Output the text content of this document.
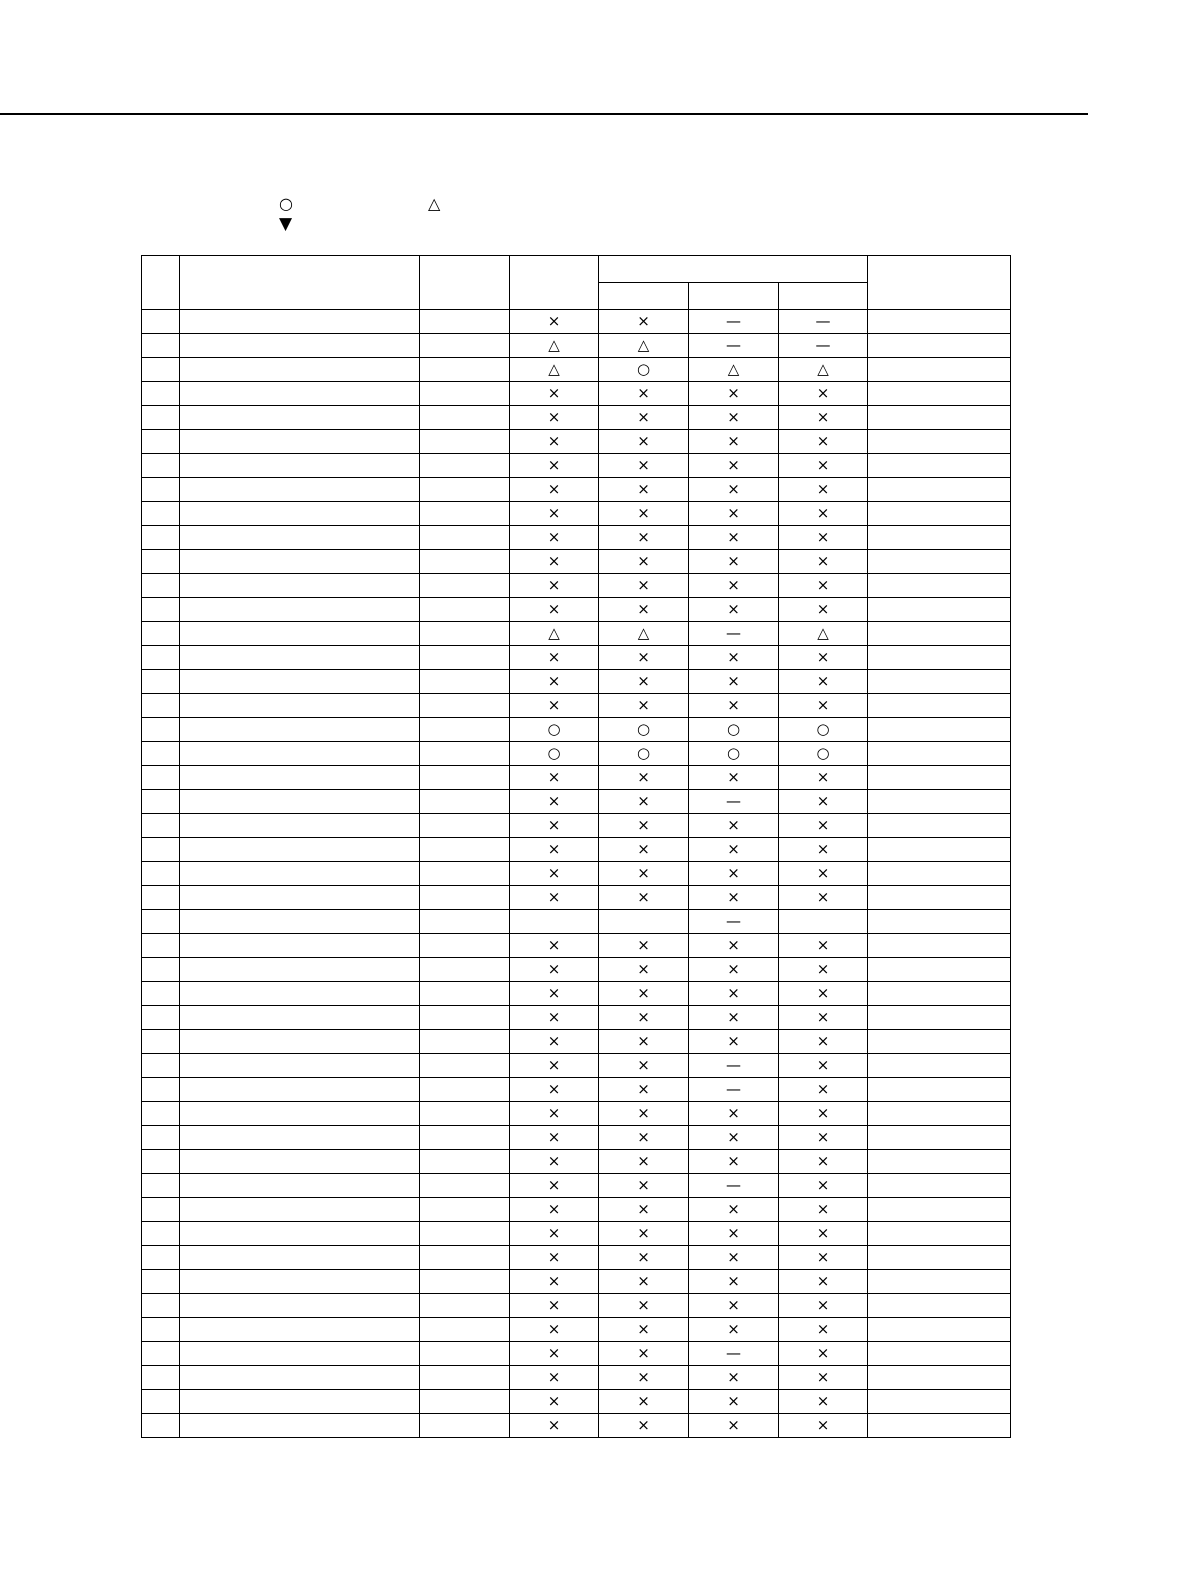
○	△
▼

			×	×	—	—	
			△	△	—	—	
			△	○	△	△	
			×	×	×	×	
			×	×	×	×	
			×	×	×	×	
			×	×	×	×	
			×	×	×	×	
			×	×	×	×	
			×	×	×	×	
			×	×	×	×	
			×	×	×	×	
			×	×	×	×	
			△	△	—	△	
			×	×	×	×	
			×	×	×	×	
			×	×	×	×	
			○	○	○	○	
			○	○	○	○	
			×	×	×	×	
			×	×	—	×	
			×	×	×	×	
			×	×	×	×	
			×	×	×	×	
			×	×	×	×	
					—		
			×	×	×	×	
			×	×	×	×	
			×	×	×	×	
			×	×	×	×	
			×	×	×	×	
			×	×	—	×	
			×	×	—	×	
			×	×	×	×	
			×	×	×	×	
			×	×	×	×	
			×	×	—	×	
			×	×	×	×	
			×	×	×	×	
			×	×	×	×	
			×	×	×	×	
			×	×	×	×	
			×	×	×	×	
			×	×	—	×	
			×	×	×	×	
			×	×	×	×	
			×	×	×	×	
